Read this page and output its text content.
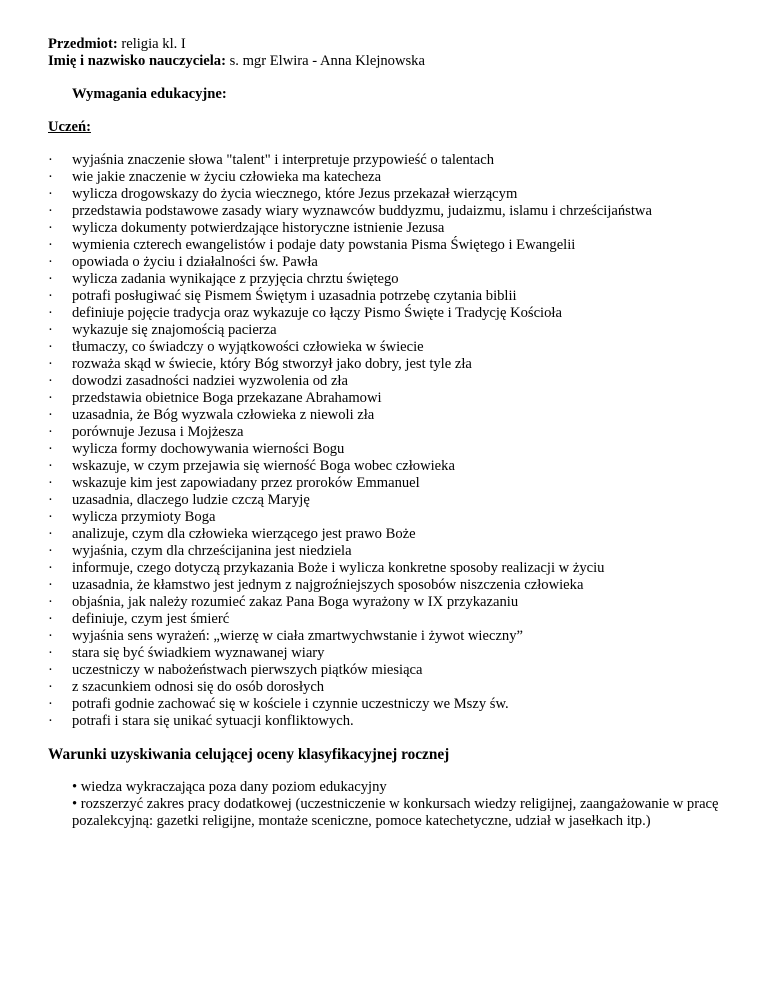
Przedmiot: religia kl. I

Imię i nazwisko nauczyciela: s. mgr Elwira - Anna Klejnowska

Wymagania edukacyjne:

Uczeń:

· wyjaśnia znaczenie słowa "talent" i interpretuje przypowieść o talentach
· wie jakie znaczenie w życiu człowieka ma katecheza
· wylicza drogowskazy do życia wiecznego, które Jezus przekazał wierzącym
· przedstawia podstawowe zasady wiary wyznawców buddyzmu, judaizmu, islamu i chrześcijaństwa
· wylicza dokumenty potwierdzające historyczne istnienie Jezusa
· wymienia czterech ewangelistów i podaje daty powstania Pisma Świętego i Ewangelii
· opowiada o życiu i działalności św. Pawła
· wylicza zadania wynikające z przyjęcia chrztu świętego
· potrafi posługiwać się Pismem Świętym i uzasadnia potrzebę czytania biblii
· definiuje pojęcie tradycja oraz wykazuje co łączy Pismo Święte i Tradycję Kościoła
· wykazuje się znajomością pacierza
· tłumaczy, co świadczy o wyjątkowości człowieka w świecie
· rozważa skąd w świecie, który Bóg stworzył jako dobry, jest tyle zła
· dowodzi zasadności nadziei wyzwolenia od zła
· przedstawia obietnice Boga przekazane Abrahamowi
· uzasadnia, że Bóg wyzwala człowieka z niewoli zła
· porównuje Jezusa i Mojżesza
· wylicza formy dochowywania wierności Bogu
· wskazuje, w czym przejawia się wierność Boga wobec człowieka
· wskazuje kim jest zapowiadany przez proroków Emmanuel
· uzasadnia, dlaczego ludzie czczą Maryję
· wylicza przymioty Boga
· analizuje, czym dla człowieka wierzącego jest prawo Boże
· wyjaśnia, czym dla chrześcijanina jest niedziela
· informuje, czego dotyczą przykazania Boże i wylicza konkretne sposoby realizacji w życiu
· uzasadnia, że kłamstwo jest jednym z najgroźniejszych sposobów niszczenia człowieka
· objaśnia, jak należy rozumieć zakaz Pana Boga wyrażony w IX przykazaniu
· definiuje, czym jest śmierć
· wyjaśnia sens wyrażeń: „wierzę w ciała zmartwychwstanie i żywot wieczny”
· stara się być świadkiem wyznawanej wiary
· uczestniczy w nabożeństwach pierwszych piątków miesiąca
· z szacunkiem odnosi się do osób dorosłych
· potrafi godnie zachować się w kościele i czynnie uczestniczy we Mszy św.
· potrafi i stara się unikać sytuacji konfliktowych.

Warunki uzyskiwania celującej oceny klasyfikacyjnej rocznej

• wiedza wykraczająca poza dany poziom edukacyjny

• rozszerzyć zakres pracy dodatkowej (uczestniczenie w konkursach wiedzy religijnej, zaangażowanie w pracę pozalekcyjną: gazetki religijne, montaże sceniczne, pomoce katechetyczne, udział w jasełkach itp.)
